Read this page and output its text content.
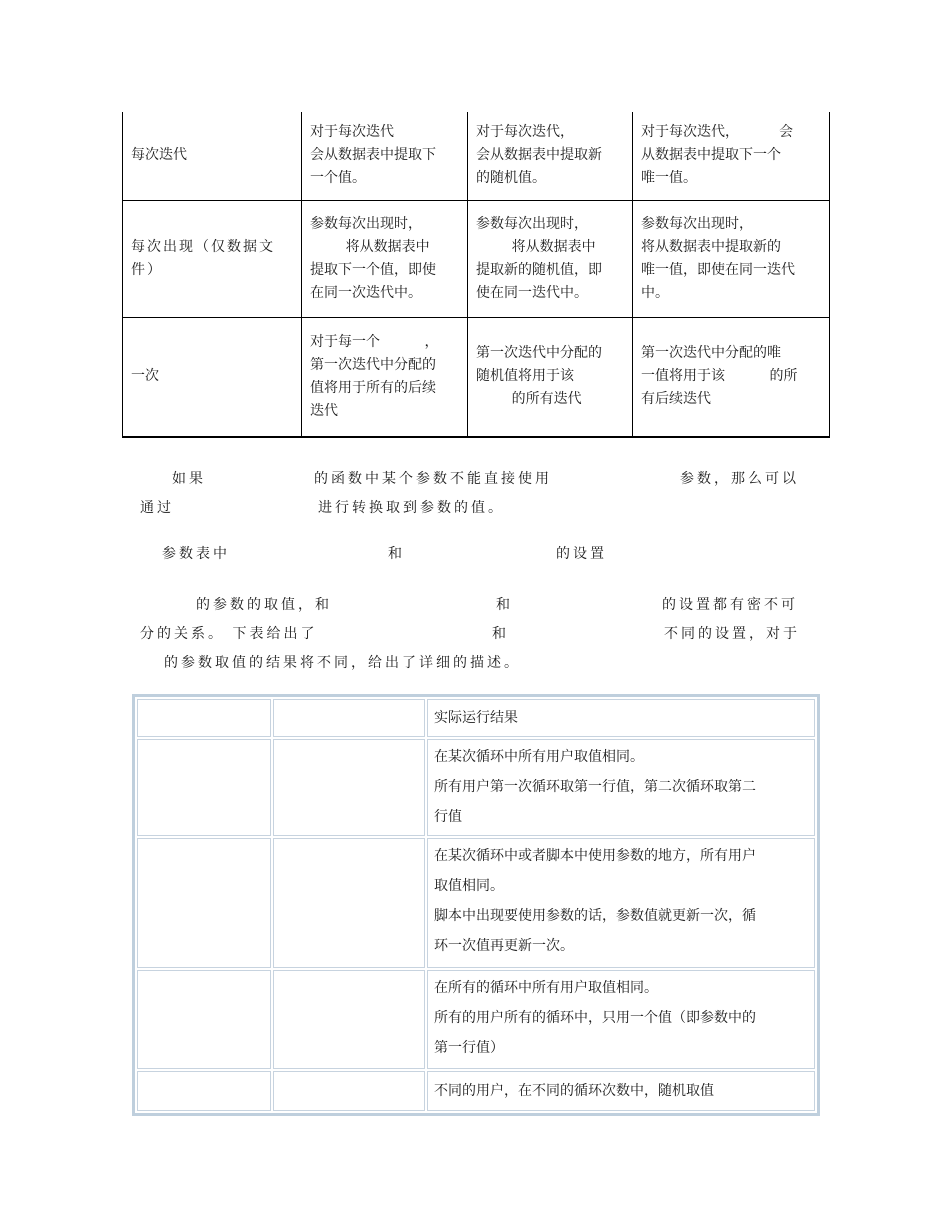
每次迭代	对于每次迭代
会从数据表中提取下
一个值。	对于每次迭代，
会从数据表中提取新
的随机值。	对于每次迭代，         会
从数据表中提取下一个
唯一值。

每次出现（仅数据文件）	参数每次出现时，
将从数据表中
提取下一个值，即使
在同一次迭代中。	参数每次出现时，
将从数据表中
提取新的随机值，即
使在同一迭代中。	参数每次出现时，
将从数据表中提取新的
唯一值，即使在同一迭代
中。

一次	对于每一个          ，
第一次迭代中分配的
值将用于所有的后续
迭代	第一次迭代中分配的
随机值将用于该
的所有迭代	第一次迭代中分配的唯
一值将用于该          的所
有后续迭代
如果	的函数中某个参数不能直接使用	参数，那么可以
通过	进行转换取到参数的值。
参数表中	和	的设置
的参数的取值，和	和	的设置都有密不可
分的关系。 下表给出了	和	不同的设置，对于
的参数取值的结果将不同，给出了详细的描述。
		实际运行结果

		在某次循环中所有用户取值相同。

所有用户第一次循环取第一行值，第二次循环取第二

行值

		在某次循环中或者脚本中使用参数的地方，所有用户

取值相同。

脚本中出现要使用参数的话，参数值就更新一次，循

环一次值再更新一次。

		在所有的循环中所有用户取值相同。

所有的用户所有的循环中，只用一个值（即参数中的

第一行值）

		不同的用户，在不同的循环次数中，随机取值
